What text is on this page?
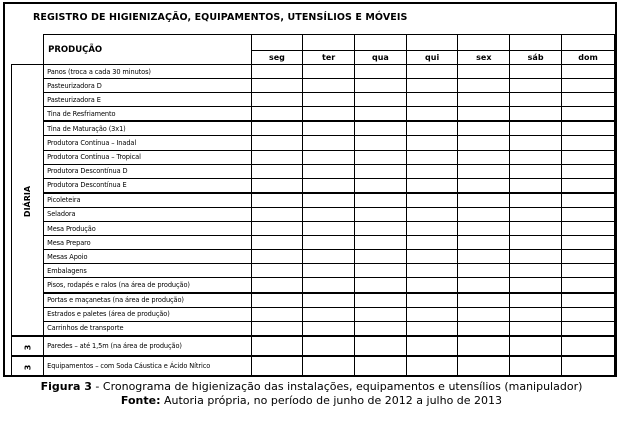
REGISTRO DE HIGIENIZAÇÃO, EQUIPAMENTOS, UTENSÍLIOS E MÓVEIS
	PRODUÇÃO							
		seg	ter	qua	qui	sex	sáb	dom
DIÁRIA	Panos (troca a cada 30 minutos)							
	Pasteurizadora D							
	Pasteurizadora E							
	Tina de Resfriamento							
	Tina de Maturação (3x1)							
	Produtora Contínua – Inadal							
	Produtora Contínua – Tropical							
	Produtora Descontínua D							
	Produtora Descontínua E							
	Picoleteira							
	Seladora							
	Mesa Produção							
	Mesa Preparo							
	Mesas Apoio							
	Embalagens							
	Pisos, rodapés e ralos (na área de produção)							
	Portas e maçanetas (na área de produção)							
	Estrados e paletes (área de produção)							
	Carrinhos de transporte							
3	Paredes – até 1,5m (na área de produção)							
3	Equipamentos – com Soda Cáustica e Ácido Nítrico							
Figura 3 - Cronograma de higienização das instalações, equipamentos e utensílios (manipulador)
Fonte: Autoria própria, no período de junho de 2012 a julho de 2013
